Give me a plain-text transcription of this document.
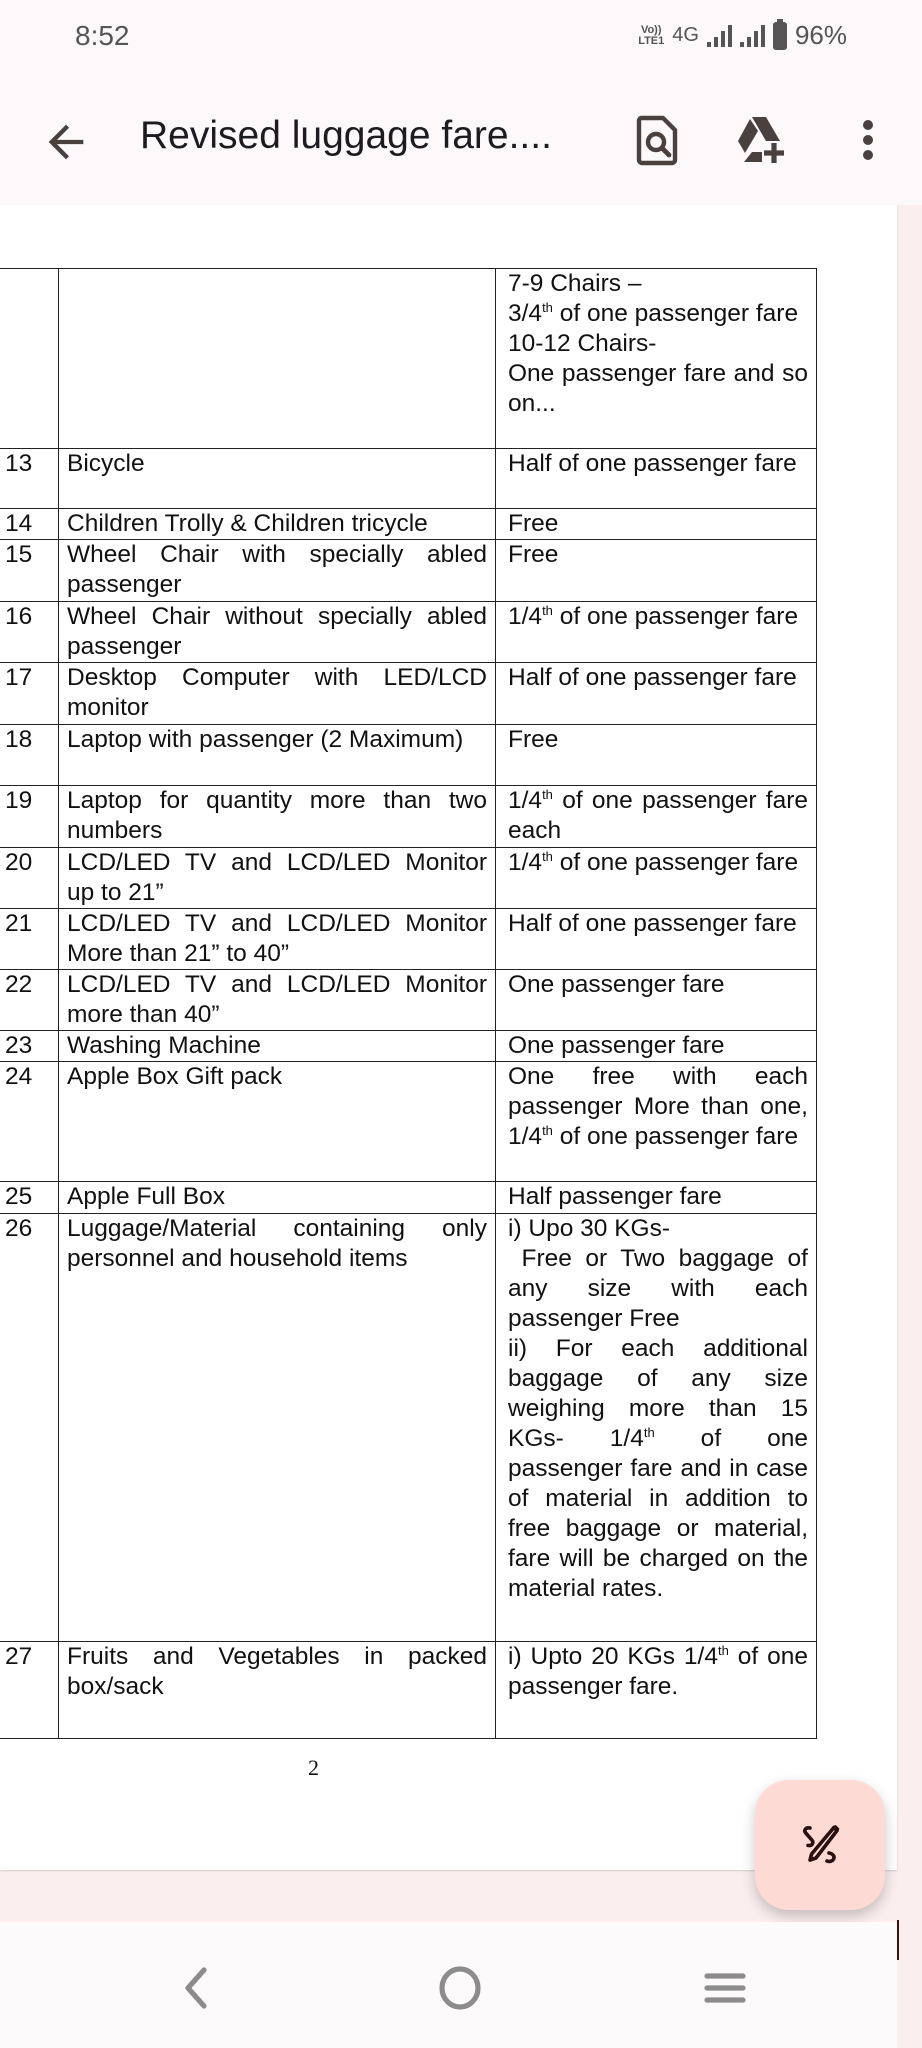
8:52	Vo))
LTE1 4G	96%
Revised luggage fare....

		7-9 Chairs –
3/4th of one passenger fare
10-12 Chairs-
One passenger fare and so on...

13	Bicycle	Half of one passenger fare

14	Children Trolly & Children tricycle	Free

15	Wheel Chair with specially abled passenger	Free

16	Wheel Chair without specially abled passenger	1/4th of one passenger fare

17	Desktop Computer with LED/LCD monitor	Half of one passenger fare

18	Laptop with passenger (2 Maximum)	Free

19	Laptop for quantity more than two numbers	1/4th of one passenger fare each

20	LCD/LED TV and LCD/LED Monitor up to 21”	1/4th of one passenger fare

21	LCD/LED TV and LCD/LED Monitor More than 21” to 40”	Half of one passenger fare

22	LCD/LED TV and LCD/LED Monitor more than 40”	One passenger fare

23	Washing Machine	One passenger fare

24	Apple Box Gift pack	One free with each passenger More than one, 1/4th of one passenger fare

25	Apple Full Box	Half passenger fare

26	Luggage/Material containing only personnel and household items	i) Upo 30 KGs-
Free or Two baggage of any size with each passenger Free
ii) For each additional baggage of any size weighing more than 15 KGs- 1/4th of one passenger fare and in case of material in addition to free baggage or material, fare will be charged on the material rates.

27	Fruits and Vegetables in packed box/sack	i) Upto 20 KGs 1/4th of one passenger fare.
2
